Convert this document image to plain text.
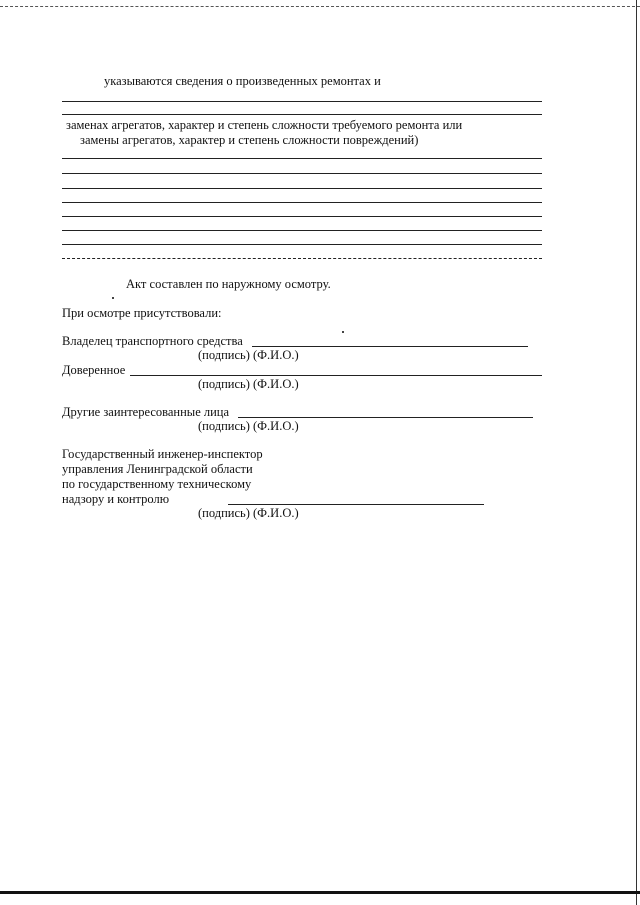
указываются сведения о произведенных ремонтах и
заменах агрегатов, характер и степень сложности требуемого ремонта или
замены агрегатов, характер и степень сложности повреждений)
Акт составлен по наружному осмотру.
При осмотре присутствовали:
Владелец транспортного средства
(подпись) (Ф.И.О.)
Доверенное
(подпись) (Ф.И.О.)
Другие заинтересованные лица
(подпись) (Ф.И.О.)
Государственный инженер-инспектор
управления Ленинградской области
по государственному техническому
надзору и контролю
(подпись) (Ф.И.О.)
